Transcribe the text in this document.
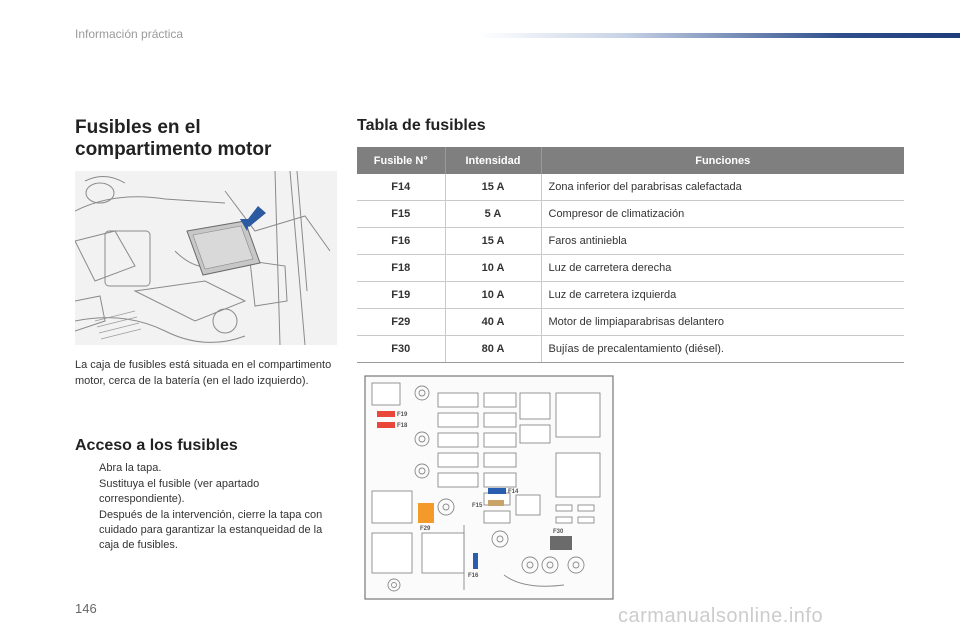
Información práctica
Fusibles en el
compartimento motor
La caja de fusibles está situada en el compartimento motor, cerca de la batería (en el lado izquierdo).
Acceso a los fusibles
Abra la tapa.
Sustituya el fusible (ver apartado correspondiente).
Después de la intervención, cierre la tapa con cuidado para garantizar la estanqueidad de la caja de fusibles.
Tabla de fusibles
Fusible N°	Intensidad	Funciones
F14	15 A	Zona inferior del parabrisas calefactada
F15	5 A	Compresor de climatización
F16	15 A	Faros antiniebla
F18	10 A	Luz de carretera derecha
F19	10 A	Luz de carretera izquierda
F29	40 A	Motor de limpiaparabrisas delantero
F30	80 A	Bujías de precalentamiento (diésel).
F19
F18
F14
F15
F29	F30
F16
146	carmanualsonline.info
